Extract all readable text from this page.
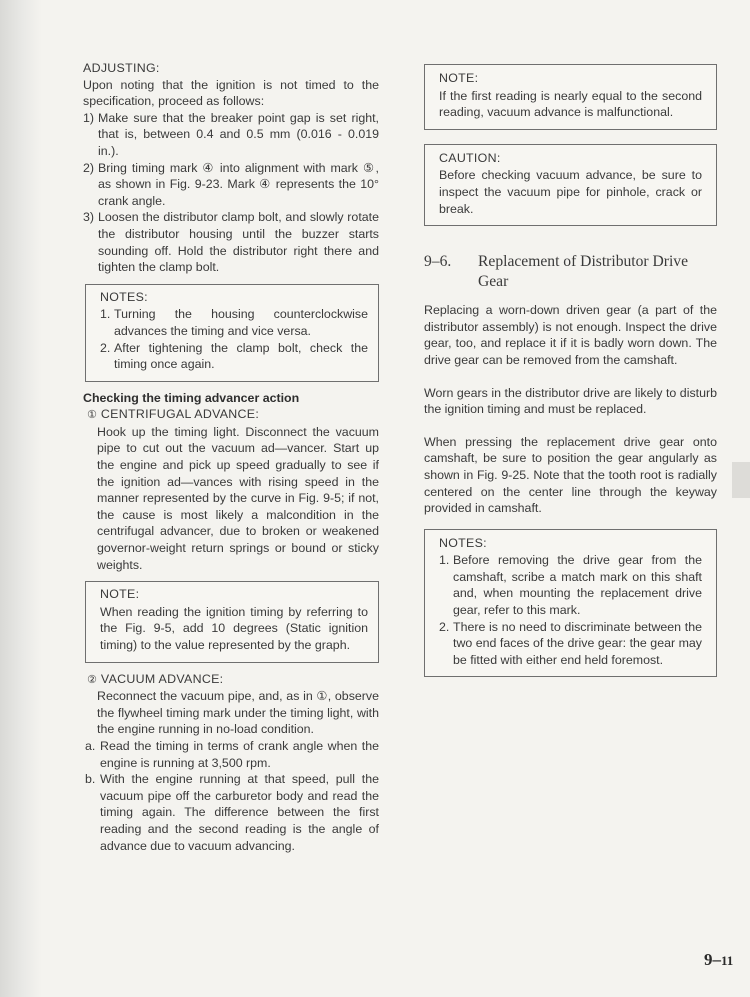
ADJUSTING:

Upon noting that the ignition is not timed to the specification, proceed as follows:

1) Make sure that the breaker point gap is set right, that is, between 0.4 and 0.5 mm (0.016 - 0.019 in.).
2) Bring timing mark ④ into alignment with mark ⑤, as shown in Fig. 9-23. Mark ④ represents the 10° crank angle.
3) Loosen the distributor clamp bolt, and slowly rotate the distributor housing until the buzzer starts sounding off. Hold the distributor right there and tighten the clamp bolt.

NOTES:

1. Turning the housing counterclockwise advances the timing and vice versa.
2. After tightening the clamp bolt, check the timing once again.

Checking the timing advancer action

① CENTRIFUGAL ADVANCE:

Hook up the timing light. Disconnect the vacuum pipe to cut out the vacuum ad—vancer. Start up the engine and pick up speed gradually to see if the ignition ad—vances with rising speed in the manner represented by the curve in Fig. 9-5; if not, the cause is most likely a malcondition in the centrifugal advancer, due to broken or weakened governor-weight return springs or bound or sticky weights.

NOTE:

When reading the ignition timing by referring to the Fig. 9-5, add 10 degrees (Static ignition timing) to the value represented by the graph.

② VACUUM ADVANCE:

Reconnect the vacuum pipe, and, as in ①, observe the flywheel timing mark under the timing light, with the engine running in no-load condition.

a. Read the timing in terms of crank angle when the engine is running at 3,500 rpm.
b. With the engine running at that speed, pull the vacuum pipe off the carburetor body and read the timing again. The difference between the first reading and the second reading is the angle of advance due to vacuum advancing.

NOTE:

If the first reading is nearly equal to the second reading, vacuum advance is malfunctional.

CAUTION:

Before checking vacuum advance, be sure to inspect the vacuum pipe for pinhole, crack or break.

9–6. Replacement of Distributor Drive Gear

Replacing a worn-down driven gear (a part of the distributor assembly) is not enough. Inspect the drive gear, too, and replace it if it is badly worn down. The drive gear can be removed from the camshaft.

Worn gears in the distributor drive are likely to disturb the ignition timing and must be replaced.

When pressing the replacement drive gear onto camshaft, be sure to position the gear angularly as shown in Fig. 9-25. Note that the tooth root is radially centered on the center line through the keyway provided in camshaft.

NOTES:

1. Before removing the drive gear from the camshaft, scribe a match mark on this shaft and, when mounting the replacement drive gear, refer to this mark.
2. There is no need to discriminate between the two end faces of the drive gear: the gear may be fitted with either end held foremost.
9–11
